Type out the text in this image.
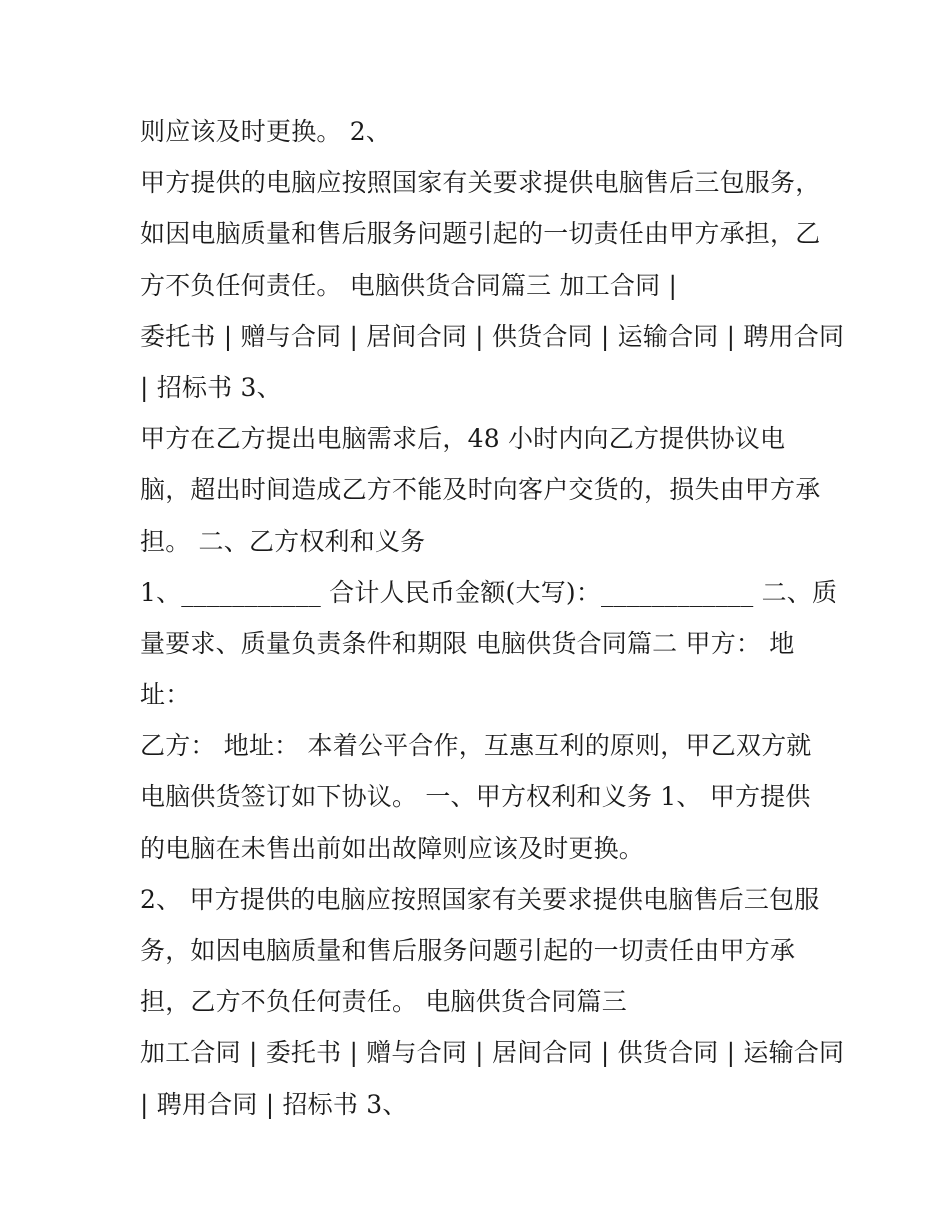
则应该及时更换。 2、
甲方提供的电脑应按照国家有关要求提供电脑售后三包服务，
如因电脑质量和售后服务问题引起的一切责任由甲方承担，乙
方不负任何责任。 电脑供货合同篇三 加工合同 |
委托书 | 赠与合同 | 居间合同 | 供货合同 | 运输合同 | 聘用合同
| 招标书 3、
甲方在乙方提出电脑需求后，48 小时内向乙方提供协议电
脑，超出时间造成乙方不能及时向客户交货的，损失由甲方承
担。 二、乙方权利和义务
1、___________ 合计人民币金额(大写)：____________ 二、质
量要求、质量负责条件和期限 电脑供货合同篇二 甲方： 地
址：
乙方： 地址： 本着公平合作，互惠互利的原则，甲乙双方就
电脑供货签订如下协议。 一、甲方权利和义务 1、 甲方提供
的电脑在未售出前如出故障则应该及时更换。
2、 甲方提供的电脑应按照国家有关要求提供电脑售后三包服
务，如因电脑质量和售后服务问题引起的一切责任由甲方承
担，乙方不负任何责任。 电脑供货合同篇三
加工合同 | 委托书 | 赠与合同 | 居间合同 | 供货合同 | 运输合同
| 聘用合同 | 招标书 3、
